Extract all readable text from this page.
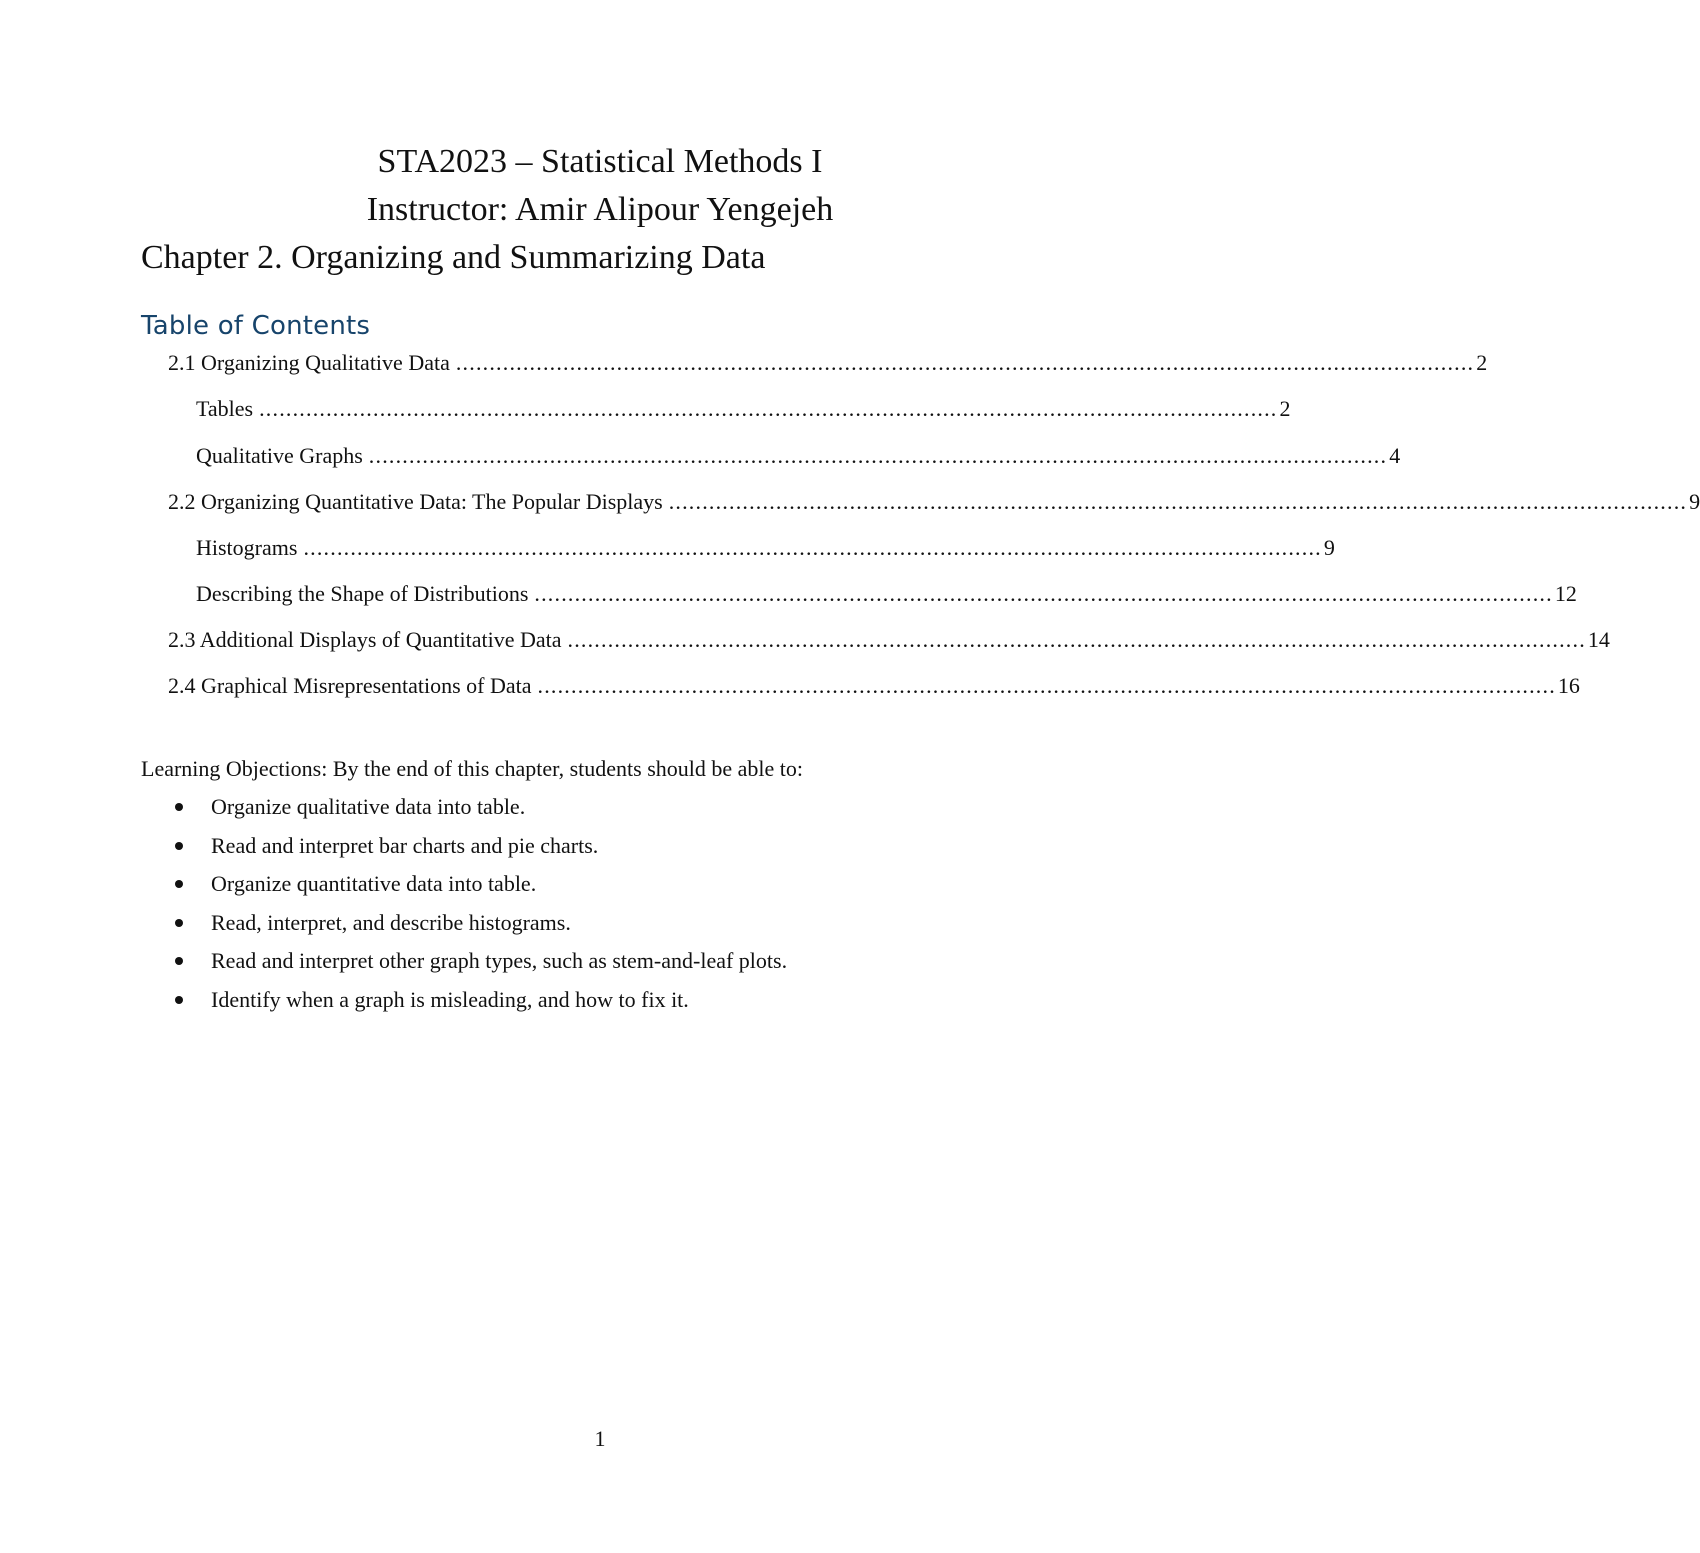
STA2023 – Statistical Methods I
Instructor: Amir Alipour Yengejeh
Chapter 2. Organizing and Summarizing Data
Table of Contents
2.1 Organizing Qualitative Data ........................................................................................................................................................ 2
Tables ........................................................................................................................................................ 2
Qualitative Graphs ........................................................................................................................................................ 4
2.2 Organizing Quantitative Data: The Popular Displays ........................................................................................................................................................ 9
Histograms ........................................................................................................................................................ 9
Describing the Shape of Distributions ........................................................................................................................................................ 12
2.3 Additional Displays of Quantitative Data ........................................................................................................................................................ 14
2.4 Graphical Misrepresentations of Data ........................................................................................................................................................ 16
Learning Objections: By the end of this chapter, students should be able to:
Organize qualitative data into table.
Read and interpret bar charts and pie charts.
Organize quantitative data into table.
Read, interpret, and describe histograms.
Read and interpret other graph types, such as stem-and-leaf plots.
Identify when a graph is misleading, and how to fix it.
1
